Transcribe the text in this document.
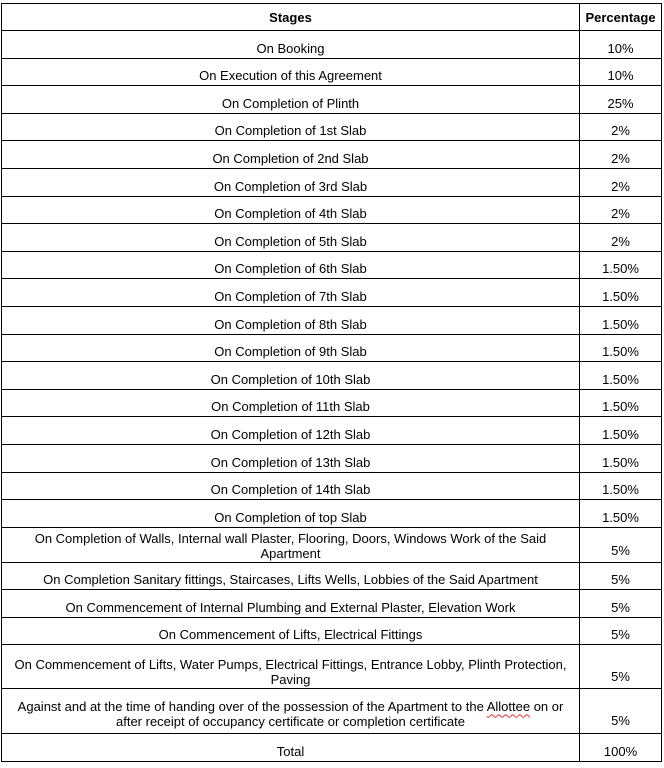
Stages	Percentage
On Booking	10%
On Execution of this Agreement	10%
On Completion of Plinth	25%
On Completion of 1st Slab	2%
On Completion of 2nd Slab	2%
On Completion of 3rd Slab	2%
On Completion of 4th Slab	2%
On Completion of 5th Slab	2%
On Completion of 6th Slab	1.50%
On Completion of 7th Slab	1.50%
On Completion of 8th Slab	1.50%
On Completion of 9th Slab	1.50%
On Completion of 10th Slab	1.50%
On Completion of 11th Slab	1.50%
On Completion of 12th Slab	1.50%
On Completion of 13th Slab	1.50%
On Completion of 14th Slab	1.50%
On Completion of top Slab	1.50%
On Completion of Walls, Internal wall Plaster, Flooring, Doors, Windows Work of the Said Apartment	5%
On Completion Sanitary fittings, Staircases, Lifts Wells, Lobbies of the Said Apartment	5%
On Commencement of Internal Plumbing and External Plaster, Elevation Work	5%
On Commencement of Lifts, Electrical Fittings	5%
On Commencement of Lifts, Water Pumps, Electrical Fittings, Entrance Lobby, Plinth Protection, Paving	5%
Against and at the time of handing over of the possession of the Apartment to the Allottee on or after receipt of occupancy certificate or completion certificate	5%
Total	100%
